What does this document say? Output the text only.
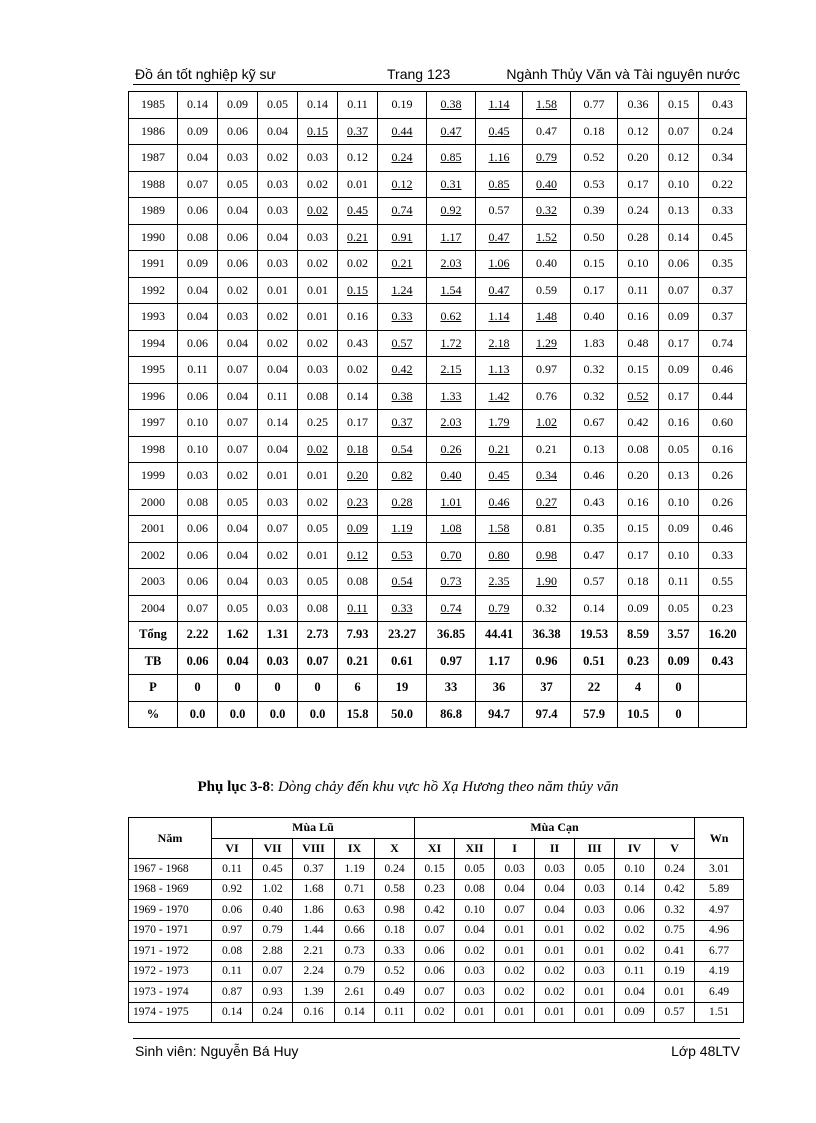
Đồ án tốt nghiệp kỹ sư	Trang 123	Ngành Thủy Văn và Tài nguyên nước
1985	0.14	0.09	0.05	0.14	0.11	0.19	0.38	1.14	1.58	0.77	0.36	0.15	0.43
1986	0.09	0.06	0.04	0.15	0.37	0.44	0.47	0.45	0.47	0.18	0.12	0.07	0.24
1987	0.04	0.03	0.02	0.03	0.12	0.24	0.85	1.16	0.79	0.52	0.20	0.12	0.34
1988	0.07	0.05	0.03	0.02	0.01	0.12	0.31	0.85	0.40	0.53	0.17	0.10	0.22
1989	0.06	0.04	0.03	0.02	0.45	0.74	0.92	0.57	0.32	0.39	0.24	0.13	0.33
1990	0.08	0.06	0.04	0.03	0.21	0.91	1.17	0.47	1.52	0.50	0.28	0.14	0.45
1991	0.09	0.06	0.03	0.02	0.02	0.21	2.03	1.06	0.40	0.15	0.10	0.06	0.35
1992	0.04	0.02	0.01	0.01	0.15	1.24	1.54	0.47	0.59	0.17	0.11	0.07	0.37
1993	0.04	0.03	0.02	0.01	0.16	0.33	0.62	1.14	1.48	0.40	0.16	0.09	0.37
1994	0.06	0.04	0.02	0.02	0.43	0.57	1.72	2.18	1.29	1.83	0.48	0.17	0.74
1995	0.11	0.07	0.04	0.03	0.02	0.42	2.15	1.13	0.97	0.32	0.15	0.09	0.46
1996	0.06	0.04	0.11	0.08	0.14	0.38	1.33	1.42	0.76	0.32	0.52	0.17	0.44
1997	0.10	0.07	0.14	0.25	0.17	0.37	2.03	1.79	1.02	0.67	0.42	0.16	0.60
1998	0.10	0.07	0.04	0.02	0.18	0.54	0.26	0.21	0.21	0.13	0.08	0.05	0.16
1999	0.03	0.02	0.01	0.01	0.20	0.82	0.40	0.45	0.34	0.46	0.20	0.13	0.26
2000	0.08	0.05	0.03	0.02	0.23	0.28	1.01	0.46	0.27	0.43	0.16	0.10	0.26
2001	0.06	0.04	0.07	0.05	0.09	1.19	1.08	1.58	0.81	0.35	0.15	0.09	0.46
2002	0.06	0.04	0.02	0.01	0.12	0.53	0.70	0.80	0.98	0.47	0.17	0.10	0.33
2003	0.06	0.04	0.03	0.05	0.08	0.54	0.73	2.35	1.90	0.57	0.18	0.11	0.55
2004	0.07	0.05	0.03	0.08	0.11	0.33	0.74	0.79	0.32	0.14	0.09	0.05	0.23
Tổng	2.22	1.62	1.31	2.73	7.93	23.27	36.85	44.41	36.38	19.53	8.59	3.57	16.20
TB	0.06	0.04	0.03	0.07	0.21	0.61	0.97	1.17	0.96	0.51	0.23	0.09	0.43
P	0	0	0	0	6	19	33	36	37	22	4	0	
%	0.0	0.0	0.0	0.0	15.8	50.0	86.8	94.7	97.4	57.9	10.5	0	
Phụ lục 3-8: Dòng chảy đến khu vực hồ Xạ Hương theo năm thủy văn
Năm	Mùa Lũ					Mùa Cạn							Wn
	VI	VII	VIII	IX	X	XI	XII	I	II	III	IV	V	
1967 - 1968	0.11	0.45	0.37	1.19	0.24	0.15	0.05	0.03	0.03	0.05	0.10	0.24	3.01
1968 - 1969	0.92	1.02	1.68	0.71	0.58	0.23	0.08	0.04	0.04	0.03	0.14	0.42	5.89
1969 - 1970	0.06	0.40	1.86	0.63	0.98	0.42	0.10	0.07	0.04	0.03	0.06	0.32	4.97
1970 - 1971	0.97	0.79	1.44	0.66	0.18	0.07	0.04	0.01	0.01	0.02	0.02	0.75	4.96
1971 - 1972	0.08	2.88	2.21	0.73	0.33	0.06	0.02	0.01	0.01	0.01	0.02	0.41	6.77
1972 - 1973	0.11	0.07	2.24	0.79	0.52	0.06	0.03	0.02	0.02	0.03	0.11	0.19	4.19
1973 - 1974	0.87	0.93	1.39	2.61	0.49	0.07	0.03	0.02	0.02	0.01	0.04	0.01	6.49
1974 - 1975	0.14	0.24	0.16	0.14	0.11	0.02	0.01	0.01	0.01	0.01	0.09	0.57	1.51
Sinh viên: Nguyễn Bá Huy	Lớp 48LTV
